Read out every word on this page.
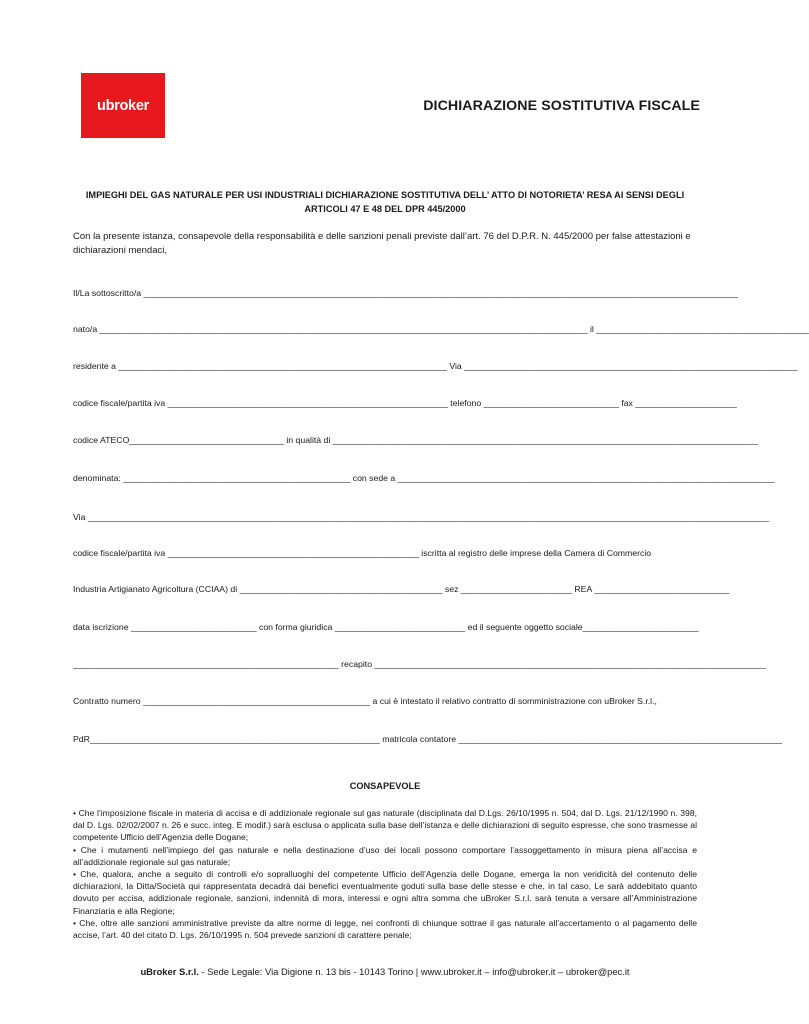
ubroker	DICHIARAZIONE SOSTITUTIVA FISCALE
IMPIEGHI DEL GAS NATURALE PER USI INDUSTRIALI DICHIARAZIONE SOSTITUTIVA DELL’ ATTO DI NOTORIETA’ RESA AI SENSI DEGLI ARTICOLI 47 E 48 DEL DPR 445/2000
Con la presente istanza, consapevole della responsabilità e delle sanzioni penali previste dall’art. 76 del D.P.R. N. 445/2000 per false attestazioni e dichiarazioni mendaci,
Il/La sottoscritto/a ___________________________________________________________________________________________________________________________
nato/a _____________________________________________________________________________________________________ il ____________________________________________
residente a ____________________________________________________________________ Via _____________________________________________________________________
codice fiscale/partita iva __________________________________________________________ telefono ____________________________ fax _____________________
codice ATECO________________________________ in qualità di ________________________________________________________________________________________
denominata: _______________________________________________ con sede a ______________________________________________________________________________
Via _____________________________________________________________________________________________________________________________________________
codice fiscale/partita iva ____________________________________________________ iscritta al registro delle imprese della Camera di Commercio
Industria Artigianato Agricoltura (CCIAA) di __________________________________________ sez _______________________ REA ____________________________
data iscrizione __________________________ con forma giuridica ___________________________ ed il seguente oggetto sociale________________________
_______________________________________________________ recapito _________________________________________________________________________________
Contratto numero _______________________________________________ a cui è intestato il relativo contratto di somministrazione con uBroker S.r.l.,
PdR____________________________________________________________ matricola contatore ___________________________________________________________________
CONSAPEVOLE

• Che l’imposizione fiscale in materia di accisa e di addizionale regionale sul gas naturale (disciplinata dal D.Lgs. 26/10/1995 n. 504, dal D. Lgs. 21/12/1990 n. 398, dal D. Lgs. 02/02/2007 n. 26 e succ. integ. E modif.) sarà esclusa o applicata sulla base dell’istanza e delle dichiarazioni di seguito espresse, che sono trasmesse al competente Ufficio dell’Agenzia delle Dogane;

• Che i mutamenti nell’impiego del gas naturale e nella destinazione d’uso dei locali possono comportare l’assoggettamento in misura piena all’accisa e all’addizionale regionale sul gas naturale;

• Che, qualora, anche a seguito di controlli e/o sopralluoghi del competente Ufficio dell’Agenzia delle Dogane, emerga la non veridicità del contenuto delle dichiarazioni, la Ditta/Società qui rappresentata decadrà dai benefici eventualmente goduti sulla base delle stesse e che, in tal caso, Le sarà addebitato quanto dovuto per accisa, addizionale regionale, sanzioni, indennità di mora, interessi e ogni altra somma che uBroker S.r.l. sarà tenuta a versare all’Amministrazione Finanziaria e alla Regione;

• Che, oltre alle sanzioni amministrative previste da altre norme di legge, nei confronti di chiunque sottrae il gas naturale all’accertamento o al pagamento delle accise, l’art. 40 del citato D. Lgs. 26/10/1995 n. 504 prevede sanzioni di carattere penale;

uBroker S.r.l. - Sede Legale: Via Digione n. 13 bis - 10143 Torino | www.ubroker.it – info@ubroker.it – ubroker@pec.it
